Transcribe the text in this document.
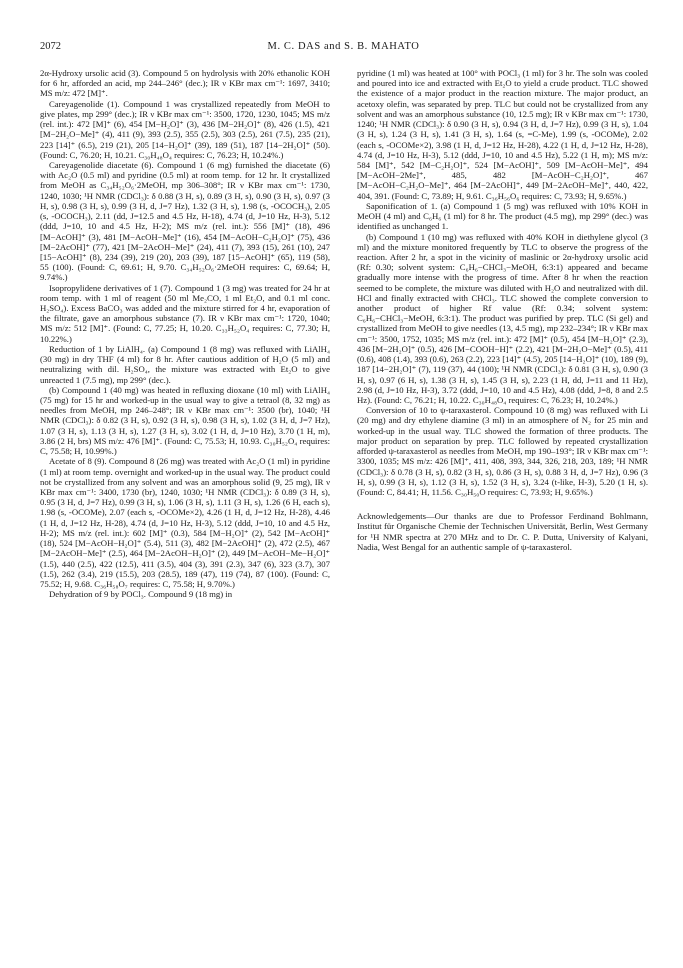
2072	M. C. DAS and S. B. MAHATO

2α-Hydroxy ursolic acid (3). Compound 5 on hydrolysis with 20% ethanolic KOH for 6 hr, afforded an acid, mp 244–246° (dec.); IR ν KBr max cm⁻¹: 1697, 3410; MS m/z: 472 [M]⁺.

Careyagenolide (1). Compound 1 was crystallized repeatedly from MeOH to give plates, mp 299° (dec.); IR ν KBr max cm⁻¹: 3500, 1720, 1230, 1045; MS m/z (rel. int.): 472 [M]⁺ (6), 454 [M−H₂O]⁺ (3), 436 [M−2H₂O]⁺ (8), 426 (1.5), 421 [M−2H₂O−Me]⁺ (4), 411 (9), 393 (2.5), 355 (2.5), 303 (2.5), 261 (7.5), 235 (21), 223 [14]⁺ (6.5), 219 (21), 205 [14−H₂O]⁺ (39), 189 (51), 187 [14−2H₂O]⁺ (50). (Found: C, 76.20; H, 10.21. C₃₀H₄₈O₄ requires: C, 76.23; H, 10.24%.)

Careyagenolide diacetate (6). Compound 1 (6 mg) furnished the diacetate (6) with Ac₂O (0.5 ml) and pyridine (0.5 ml) at room temp. for 12 hr. It crystallized from MeOH as C₃₄H₅₂O₆·2MeOH, mp 306–308°; IR ν KBr max cm⁻¹: 1730, 1240, 1030; ¹H NMR (CDCl₃): δ 0.88 (3 H, s), 0.89 (3 H, s), 0.90 (3 H, s), 0.97 (3 H, s), 0.98 (3 H, s), 0.99 (3 H, d, J=7 Hz), 1.32 (3 H, s), 1.98 (s, -OCOCH₃), 2.05 (s, -OCOCH₃), 2.11 (dd, J=12.5 and 4.5 Hz, H-18), 4.74 (d, J=10 Hz, H-3), 5.12 (ddd, J=10, 10 and 4.5 Hz, H-2); MS m/z (rel. int.): 556 [M]⁺ (18), 496 [M−AcOH]⁺ (3), 481 [M−AcOH−Me]⁺ (16), 454 [M−AcOH−C₂H₂O]⁺ (75), 436 [M−2AcOH]⁺ (77), 421 [M−2AcOH−Me]⁺ (24), 411 (7), 393 (15), 261 (10), 247 [15−AcOH]⁺ (8), 234 (39), 219 (20), 203 (39), 187 [15−AcOH]⁺ (65), 119 (58), 55 (100). (Found: C, 69.61; H, 9.70. C₃₄H₅₂O₆·2MeOH requires: C, 69.64; H, 9.74%.)

Isopropylidene derivatives of 1 (7). Compound 1 (3 mg) was treated for 24 hr at room temp. with 1 ml of reagent (50 ml Me₂CO, 1 ml Et₂O, and 0.1 ml conc. H₂SO₄). Excess BaCO₃ was added and the mixture stirred for 4 hr, evaporation of the filtrate, gave an amorphous substance (7). IR ν KBr max cm⁻¹: 1720, 1040; MS m/z: 512 [M]⁺. (Found: C, 77.25; H, 10.20. C₃₃H₅₂O₄ requires: C, 77.30; H, 10.22%.)

Reduction of 1 by LiAlH₄. (a) Compound 1 (8 mg) was refluxed with LiAlH₄ (30 mg) in dry THF (4 ml) for 8 hr. After cautious addition of H₂O (5 ml) and neutralizing with dil. H₂SO₄, the mixture was extracted with Et₂O to give unreacted 1 (7.5 mg), mp 299° (dec.).

(b) Compound 1 (40 mg) was heated in refluxing dioxane (10 ml) with LiAlH₄ (75 mg) for 15 hr and worked-up in the usual way to give a tetraol (8, 32 mg) as needles from MeOH, mp 246–248°; IR ν KBr max cm⁻¹: 3500 (br), 1040; ¹H NMR (CDCl₃): δ 0.82 (3 H, s), 0.92 (3 H, s), 0.98 (3 H, s), 1.02 (3 H, d, J=7 Hz), 1.07 (3 H, s), 1.13 (3 H, s), 1.27 (3 H, s), 3.02 (1 H, d, J=10 Hz), 3.70 (1 H, m), 3.86 (2 H, brs) MS m/z: 476 [M]⁺. (Found: C, 75.53; H, 10.93. C₃₀H₅₂O₄ requires: C, 75.58; H, 10.99%.)

Acetate of 8 (9). Compound 8 (26 mg) was treated with Ac₂O (1 ml) in pyridine (1 ml) at room temp. overnight and worked-up in the usual way. The product could not be crystallized from any solvent and was an amorphous solid (9, 25 mg), IR ν KBr max cm⁻¹: 3400, 1730 (br), 1240, 1030; ¹H NMR (CDCl₃): δ 0.89 (3 H, s), 0.95 (3 H, d, J=7 Hz), 0.99 (3 H, s), 1.06 (3 H, s), 1.11 (3 H, s), 1.26 (6 H, each s), 1.98 (s, -OCOMe), 2.07 (each s, -OCOMe×2), 4.26 (1 H, d, J=12 Hz, H-28), 4.46 (1 H, d, J=12 Hz, H-28), 4.74 (d, J=10 Hz, H-3), 5.12 (ddd, J=10, 10 and 4.5 Hz, H-2); MS m/z (rel. int.): 602 [M]⁺ (0.3), 584 [M−H₂O]⁺ (2), 542 [M−AcOH]⁺ (18), 524 [M−AcOH−H₂O]⁺ (5.4), 511 (3), 482 [M−2AcOH]⁺ (2), 472 (2.5), 467 [M−2AcOH−Me]⁺ (2.5), 464 [M−2AcOH−H₂O]⁺ (2), 449 [M−AcOH−Me−H₂O]⁺ (1.5), 440 (2.5), 422 (12.5), 411 (3.5), 404 (3), 391 (2.3), 347 (6), 323 (3.7), 307 (1.5), 262 (3.4), 219 (15.5), 203 (28.5), 189 (47), 119 (74), 87 (100). (Found: C, 75.52; H, 9.68. C₃₆H₅₈O₇ requires: C, 75.58; H, 9.70%.)

Dehydration of 9 by POCl₃. Compound 9 (18 mg) in

pyridine (1 ml) was heated at 100° with POCl₃ (1 ml) for 3 hr. The soln was cooled and poured into ice and extracted with Et₂O to yield a crude product. TLC showed the existence of a major product in the reaction mixture. The major product, an acetoxy olefin, was separated by prep. TLC but could not be crystallized from any solvent and was an amorphous substance (10, 12.5 mg); IR ν KBr max cm⁻¹: 1730, 1240; ¹H NMR (CDCl₃): δ 0.90 (3 H, s), 0.94 (3 H, d, J=7 Hz), 0.99 (3 H, s), 1.04 (3 H, s), 1.24 (3 H, s), 1.41 (3 H, s), 1.64 (s, =C-Me), 1.99 (s, -OCOMe), 2.02 (each s, -OCOMe×2), 3.98 (1 H, d, J=12 Hz, H-28), 4.22 (1 H, d, J=12 Hz, H-28), 4.74 (d, J=10 Hz, H-3), 5.12 (ddd, J=10, 10 and 4.5 Hz), 5.22 (1 H, m); MS m/z: 584 [M]⁺, 542 [M−C₂H₂O]⁺, 524 [M−AcOH]⁺, 509 [M−AcOH−Me]⁺, 494 [M−AcOH−2Me]⁺, 485, 482 [M−AcOH−C₂H₂O]⁺, 467 [M−AcOH−C₂H₂O−Me]⁺, 464 [M−2AcOH]⁺, 449 [M−2AcOH−Me]⁺, 440, 422, 404, 391. (Found: C, 73.89; H, 9.61. C₃₆H₅₆O₆ requires: C, 73.93; H, 9.65%.)

Saponification of 1. (a) Compound 1 (5 mg) was refluxed with 10% KOH in MeOH (4 ml) and C₆H₆ (1 ml) for 8 hr. The product (4.5 mg), mp 299° (dec.) was identified as unchanged 1.

(b) Compound 1 (10 mg) was refluxed with 40% KOH in diethylene glycol (3 ml) and the mixture monitored frequently by TLC to observe the progress of the reaction. After 2 hr, a spot in the vicinity of maslinic or 2α-hydroxy ursolic acid (Rf: 0.30; solvent system: C₆H₆−CHCl₃−MeOH, 6:3:1) appeared and became gradually more intense with the progress of time. After 8 hr when the reaction seemed to be complete, the mixture was diluted with H₂O and neutralized with dil. HCl and finally extracted with CHCl₃. TLC showed the complete conversion to another product of higher Rf value (Rf: 0.34; solvent system: C₆H₆−CHCl₃−MeOH, 6:3:1). The product was purified by prep. TLC (Si gel) and crystallized from MeOH to give needles (13, 4.5 mg), mp 232–234°; IR ν KBr max cm⁻¹: 3500, 1752, 1035; MS m/z (rel. int.): 472 [M]⁺ (0.5), 454 [M−H₂O]⁺ (2.3), 436 [M−2H₂O]⁺ (0.5), 426 [M−COOH−H]⁺ (2.2), 421 [M−2H₂O−Me]⁺ (0.5), 411 (0.6), 408 (1.4), 393 (0.6), 263 (2.2), 223 [14]⁺ (4.5), 205 [14−H₂O]⁺ (10), 189 (9), 187 [14−2H₂O]⁺ (7), 119 (37), 44 (100); ¹H NMR (CDCl₃): δ 0.81 (3 H, s), 0.90 (3 H, s), 0.97 (6 H, s), 1.38 (3 H, s), 1.45 (3 H, s), 2.23 (1 H, dd, J=11 and 11 Hz), 2.98 (d, J=10 Hz, H-3), 3.72 (ddd, J=10, 10 and 4.5 Hz), 4.08 (ddd, J=8, 8 and 2.5 Hz). (Found: C, 76.21; H, 10.22. C₃₀H₄₈O₄ requires: C, 76.23; H, 10.24%.)

Conversion of 10 to ψ-taraxasterol. Compound 10 (8 mg) was refluxed with Li (20 mg) and dry ethylene diamine (3 ml) in an atmosphere of N₂ for 25 min and worked-up in the usual way. TLC showed the formation of three products. The major product on separation by prep. TLC followed by repeated crystallization afforded ψ-taraxasterol as needles from MeOH, mp 190–193°; IR ν KBr max cm⁻¹: 3300, 1035; MS m/z: 426 [M]⁺, 411, 408, 393, 344, 326, 218, 203, 189; ¹H NMR (CDCl₃): δ 0.78 (3 H, s), 0.82 (3 H, s), 0.86 (3 H, s), 0.88 3 H, d, J=7 Hz), 0.96 (3 H, s), 0.99 (3 H, s), 1.12 (3 H, s), 1.52 (3 H, s), 3.24 (t-like, H-3), 5.20 (1 H, s). (Found: C, 84.41; H, 11.56. C₃₀H₅₀O requires: C, 73.93; H, 9.65%.)

Acknowledgements—Our thanks are due to Professor Ferdinand Bohlmann, Institut für Organische Chemie der Technischen Universität, Berlin, West Germany for ¹H NMR spectra at 270 MHz and to Dr. C. P. Dutta, University of Kalyani, Nadia, West Bengal for an authentic sample of ψ-taraxasterol.
